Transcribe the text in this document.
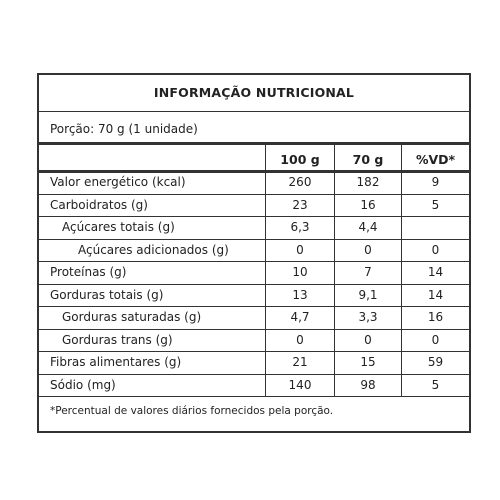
INFORMAÇÃO NUTRICIONAL
Porção: 70 g (1 unidade)
100 g	70 g	%VD*
Valor energético (kcal)	260	182	9
Carboidratos (g)	23	16	5
Açúcares totais (g)	6,3	4,4
Açúcares adicionados (g)	0	0	0
Proteínas (g)	10	7	14
Gorduras totais (g)	13	9,1	14
Gorduras saturadas (g)	4,7	3,3	16
Gorduras trans (g)	0	0	0
Fibras alimentares (g)	21	15	59
Sódio (mg)	140	98	5
*Percentual de valores diários fornecidos pela porção.
